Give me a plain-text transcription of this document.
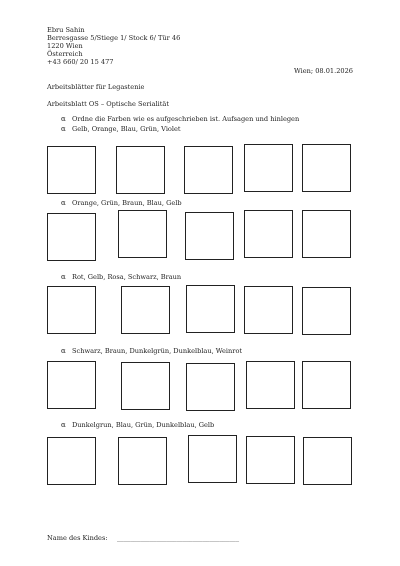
Ebru Sahin
Berresgasse 5/Stiege 1/ Stock 6/ Tür 46
1220 Wien
Österreich
+43 660/ 20 15 477
Wien; 08.01.2026
Arbeitsblätter für Legastenie
Arbeitsblatt OS – Optische Serialität
α Ordne die Farben wie es aufgeschrieben ist. Aufsagen und hinlegen
α Gelb, Orange, Blau, Grün, Violet
α Orange, Grün, Braun, Blau, Gelb
α Rot, Gelb, Rosa, Schwarz, Braun
α Schwarz, Braun, Dunkelgrün, Dunkelblau, Weinrot
α Dunkelgrun, Blau, Grün, Dunkelblau, Gelb
Name des Kindes: _____________________________________
